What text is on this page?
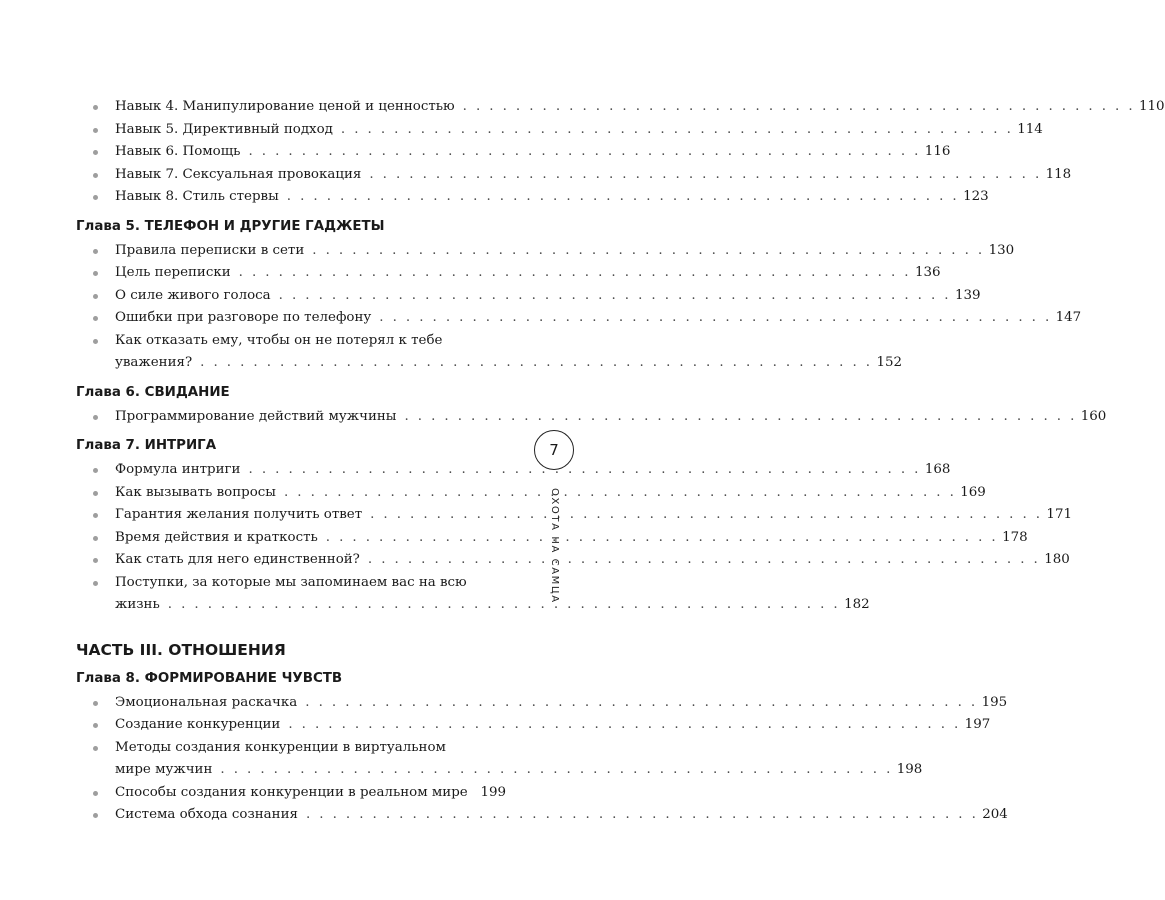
Навык 4. Манипулирование ценой и ценностью . . . . . . . . . . . . . . . . . . . . . . . . . . . . . . . . . . . . . . . . . . . . . . . . . . . 110
Навык 5. Директивный подход . . . . . . . . . . . . . . . . . . . . . . . . . . . . . . . . . . . . . . . . . . . . . . . . . . . 114
Навык 6. Помощь . . . . . . . . . . . . . . . . . . . . . . . . . . . . . . . . . . . . . . . . . . . . . . . . . . . 116
Навык 7. Сексуальная провокация . . . . . . . . . . . . . . . . . . . . . . . . . . . . . . . . . . . . . . . . . . . . . . . . . . . 118
Навык 8. Стиль стервы . . . . . . . . . . . . . . . . . . . . . . . . . . . . . . . . . . . . . . . . . . . . . . . . . . . 123
Глава 5. ТЕЛЕФОН И ДРУГИЕ ГАДЖЕТЫ
Правила переписки в сети . . . . . . . . . . . . . . . . . . . . . . . . . . . . . . . . . . . . . . . . . . . . . . . . . . . 130
Цель переписки . . . . . . . . . . . . . . . . . . . . . . . . . . . . . . . . . . . . . . . . . . . . . . . . . . . 136
О силе живого голоса . . . . . . . . . . . . . . . . . . . . . . . . . . . . . . . . . . . . . . . . . . . . . . . . . . . 139
Ошибки при разговоре по телефону . . . . . . . . . . . . . . . . . . . . . . . . . . . . . . . . . . . . . . . . . . . . . . . . . . . 147
Как отказать ему, чтобы он не потерял к тебе
уважения? . . . . . . . . . . . . . . . . . . . . . . . . . . . . . . . . . . . . . . . . . . . . . . . . . . . 152
Глава 6. СВИДАНИЕ
Программирование действий мужчины . . . . . . . . . . . . . . . . . . . . . . . . . . . . . . . . . . . . . . . . . . . . . . . . . . . 160
Глава 7. ИНТРИГА
Формула интриги . . . . . . . . . . . . . . . . . . . . . . . . . . . . . . . . . . . . . . . . . . . . . . . . . . . 168
Как вызывать вопросы . . . . . . . . . . . . . . . . . . . . . . . . . . . . . . . . . . . . . . . . . . . . . . . . . . . 169
Гарантия желания получить ответ . . . . . . . . . . . . . . . . . . . . . . . . . . . . . . . . . . . . . . . . . . . . . . . . . . . 171
Время действия и краткость . . . . . . . . . . . . . . . . . . . . . . . . . . . . . . . . . . . . . . . . . . . . . . . . . . . 178
Как стать для него единственной? . . . . . . . . . . . . . . . . . . . . . . . . . . . . . . . . . . . . . . . . . . . . . . . . . . . 180
Поступки, за которые мы запоминаем вас на всю
жизнь . . . . . . . . . . . . . . . . . . . . . . . . . . . . . . . . . . . . . . . . . . . . . . . . . . . 182
ЧАСТЬ III. ОТНОШЕНИЯ
Глава 8. ФОРМИРОВАНИЕ ЧУВСТВ
Эмоциональная раскачка . . . . . . . . . . . . . . . . . . . . . . . . . . . . . . . . . . . . . . . . . . . . . . . . . . . 195
Создание конкуренции . . . . . . . . . . . . . . . . . . . . . . . . . . . . . . . . . . . . . . . . . . . . . . . . . . . 197
Методы создания конкуренции в виртуальном
мире мужчин . . . . . . . . . . . . . . . . . . . . . . . . . . . . . . . . . . . . . . . . . . . . . . . . . . . 198
Способы создания конкуренции в реальном мире 199
Система обхода сознания . . . . . . . . . . . . . . . . . . . . . . . . . . . . . . . . . . . . . . . . . . . . . . . . . . . 204
7
ОХОТА НА САМЦА
